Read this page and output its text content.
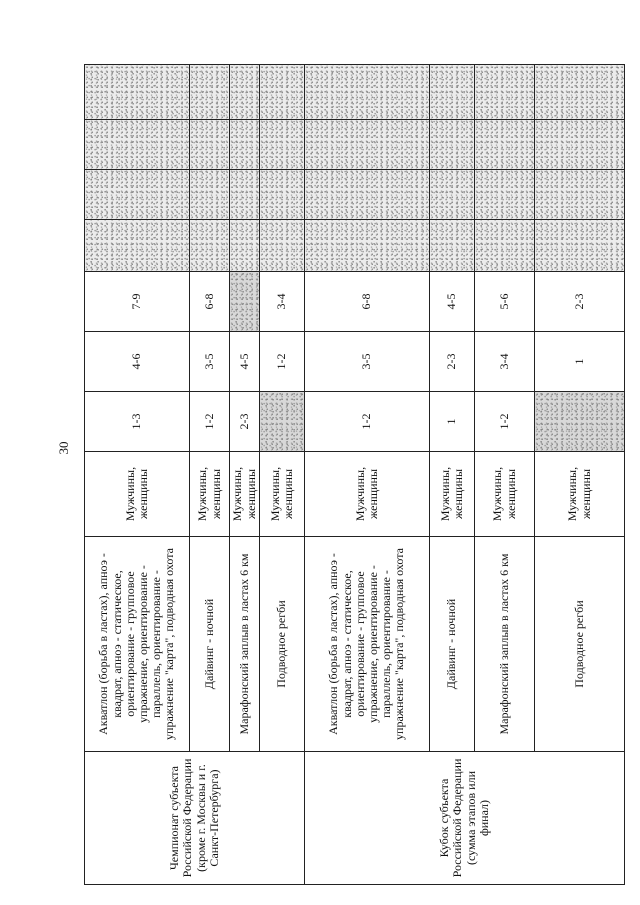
30
Чемпионат субъекта Российской Федерации (кроме г. Москвы и г. Санкт-Петербурга)	Акватлон (борьба в ластах), апноэ - квадрат, апноэ - статическое, ориентирование - групповое упражнение, ориентирование - параллель, ориентирование - упражнение "карта", подводная охота	Мужчины, женщины	1-3	4-6	7-9				
	Дайвинг - ночной	Мужчины, женщины	1-2	3-5	6-8				
	Марафонский заплыв в ластах 6 км	Мужчины, женщины	2-3	4-5					
	Подводное регби	Мужчины, женщины		1-2	3-4				
Кубок субъекта Российской Федерации (сумма этапов или финал)	Акватлон (борьба в ластах), апноэ - квадрат, апноэ - статическое, ориентирование - групповое упражнение, ориентирование - параллель, ориентирование - упражнение "карта", подводная охота	Мужчины, женщины	1-2	3-5	6-8				
	Дайвинг - ночной	Мужчины, женщины	1	2-3	4-5				
	Марафонский заплыв в ластах 6 км	Мужчины, женщины	1-2	3-4	5-6				
	Подводное регби	Мужчины, женщины		1	2-3				
